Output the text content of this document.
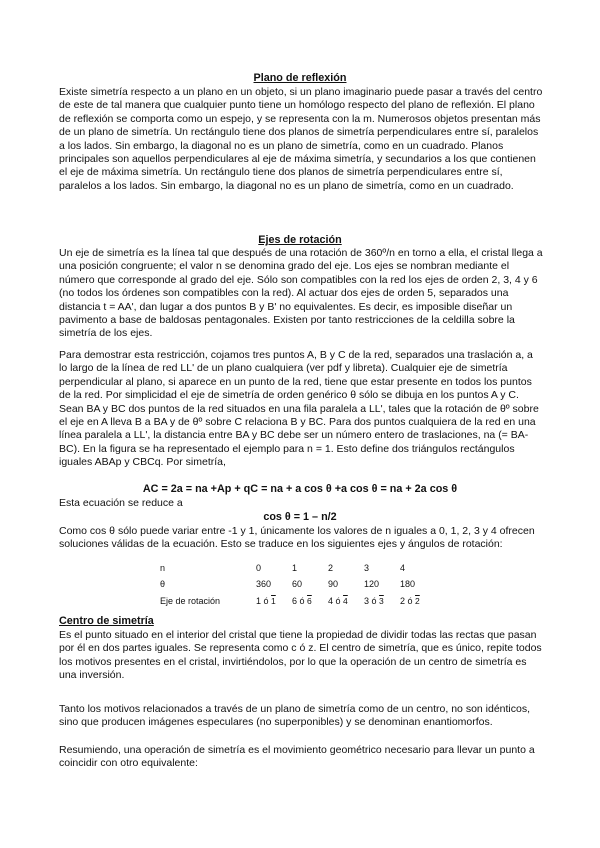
Plano de reflexión

Existe simetría respecto a un plano en un objeto, si un plano imaginario puede pasar a través del centro de este de tal manera que cualquier punto tiene un homólogo respecto del plano de reflexión. El plano de reflexión se comporta como un espejo, y se representa con la m. Numerosos objetos presentan más de un plano de simetría. Un rectángulo tiene dos planos de simetría perpendiculares entre sí, paralelos a los lados. Sin embargo, la diagonal no es un plano de simetría, como en un cuadrado. Planos principales son aquellos perpendiculares al eje de máxima simetría, y secundarios a los que contienen el eje de máxima simetría. Un rectángulo tiene dos planos de simetría perpendiculares entre sí, paralelos a los lados. Sin embargo, la diagonal no es un plano de simetría, como en un cuadrado.

Ejes de rotación

Un eje de simetría es la línea tal que después de una rotación de 360º/n en torno a ella, el cristal llega a una posición congruente; el valor n se denomina grado del eje. Los ejes se nombran mediante el número que corresponde al grado del eje. Sólo son compatibles con la red los ejes de orden 2, 3, 4 y 6 (no todos los órdenes son compatibles con la red). Al actuar dos ejes de orden 5, separados una distancia t = AA', dan lugar a dos puntos B y B' no equivalentes. Es decir, es imposible diseñar un pavimento a base de baldosas pentagonales. Existen por tanto restricciones de la celdilla sobre la simetría de los ejes.

Para demostrar esta restricción, cojamos tres puntos A, B y C de la red, separados una traslación a, a lo largo de la línea de red LL' de un plano cualquiera (ver pdf y libreta). Cualquier eje de simetría perpendicular al plano, si aparece en un punto de la red, tiene que estar presente en todos los puntos de la red. Por simplicidad el eje de simetría de orden genérico θ sólo se dibuja en los puntos A y C. Sean BA y BC dos puntos de la red situados en una fila paralela a LL', tales que la rotación de θº sobre el eje en A lleva B a BA y de θº sobre C relaciona B y BC. Para dos puntos cualquiera de la red en una línea paralela a LL', la distancia entre BA y BC debe ser un número entero de traslaciones, na (= BA-BC). En la figura se ha representado el ejemplo para n = 1. Esto define dos triángulos rectángulos iguales ABAp y CBCq. Por simetría,

AC = 2a = na +Ap + qC = na + a cos θ +a cos θ = na + 2a cos θ
Esta ecuación se reduce a
cos θ = 1 – n/2

Como cos θ sólo puede variar entre -1 y 1, únicamente los valores de n iguales a 0, 1, 2, 3 y 4 ofrecen soluciones válidas de la ecuación. Esto se traduce en los siguientes ejes y ángulos de rotación:

n	0	1	2	3	4
θ	360	60	90	120	180
Eje de rotación	1 ó 1	6 ó 6	4 ó 4	3 ó 3	2 ó 2
Centro de simetría

Es el punto situado en el interior del cristal que tiene la propiedad de dividir todas las rectas que pasan por él en dos partes iguales. Se representa como c ó z. El centro de simetría, que es único, repite todos los motivos presentes en el cristal, invirtiéndolos, por lo que la operación de un centro de simetría es una inversión.

Tanto los motivos relacionados a través de un plano de simetría como de un centro, no son idénticos, sino que producen imágenes especulares (no superponibles) y se denominan enantiomorfos.

Resumiendo, una operación de simetría es el movimiento geométrico necesario para llevar un punto a coincidir con otro equivalente:
